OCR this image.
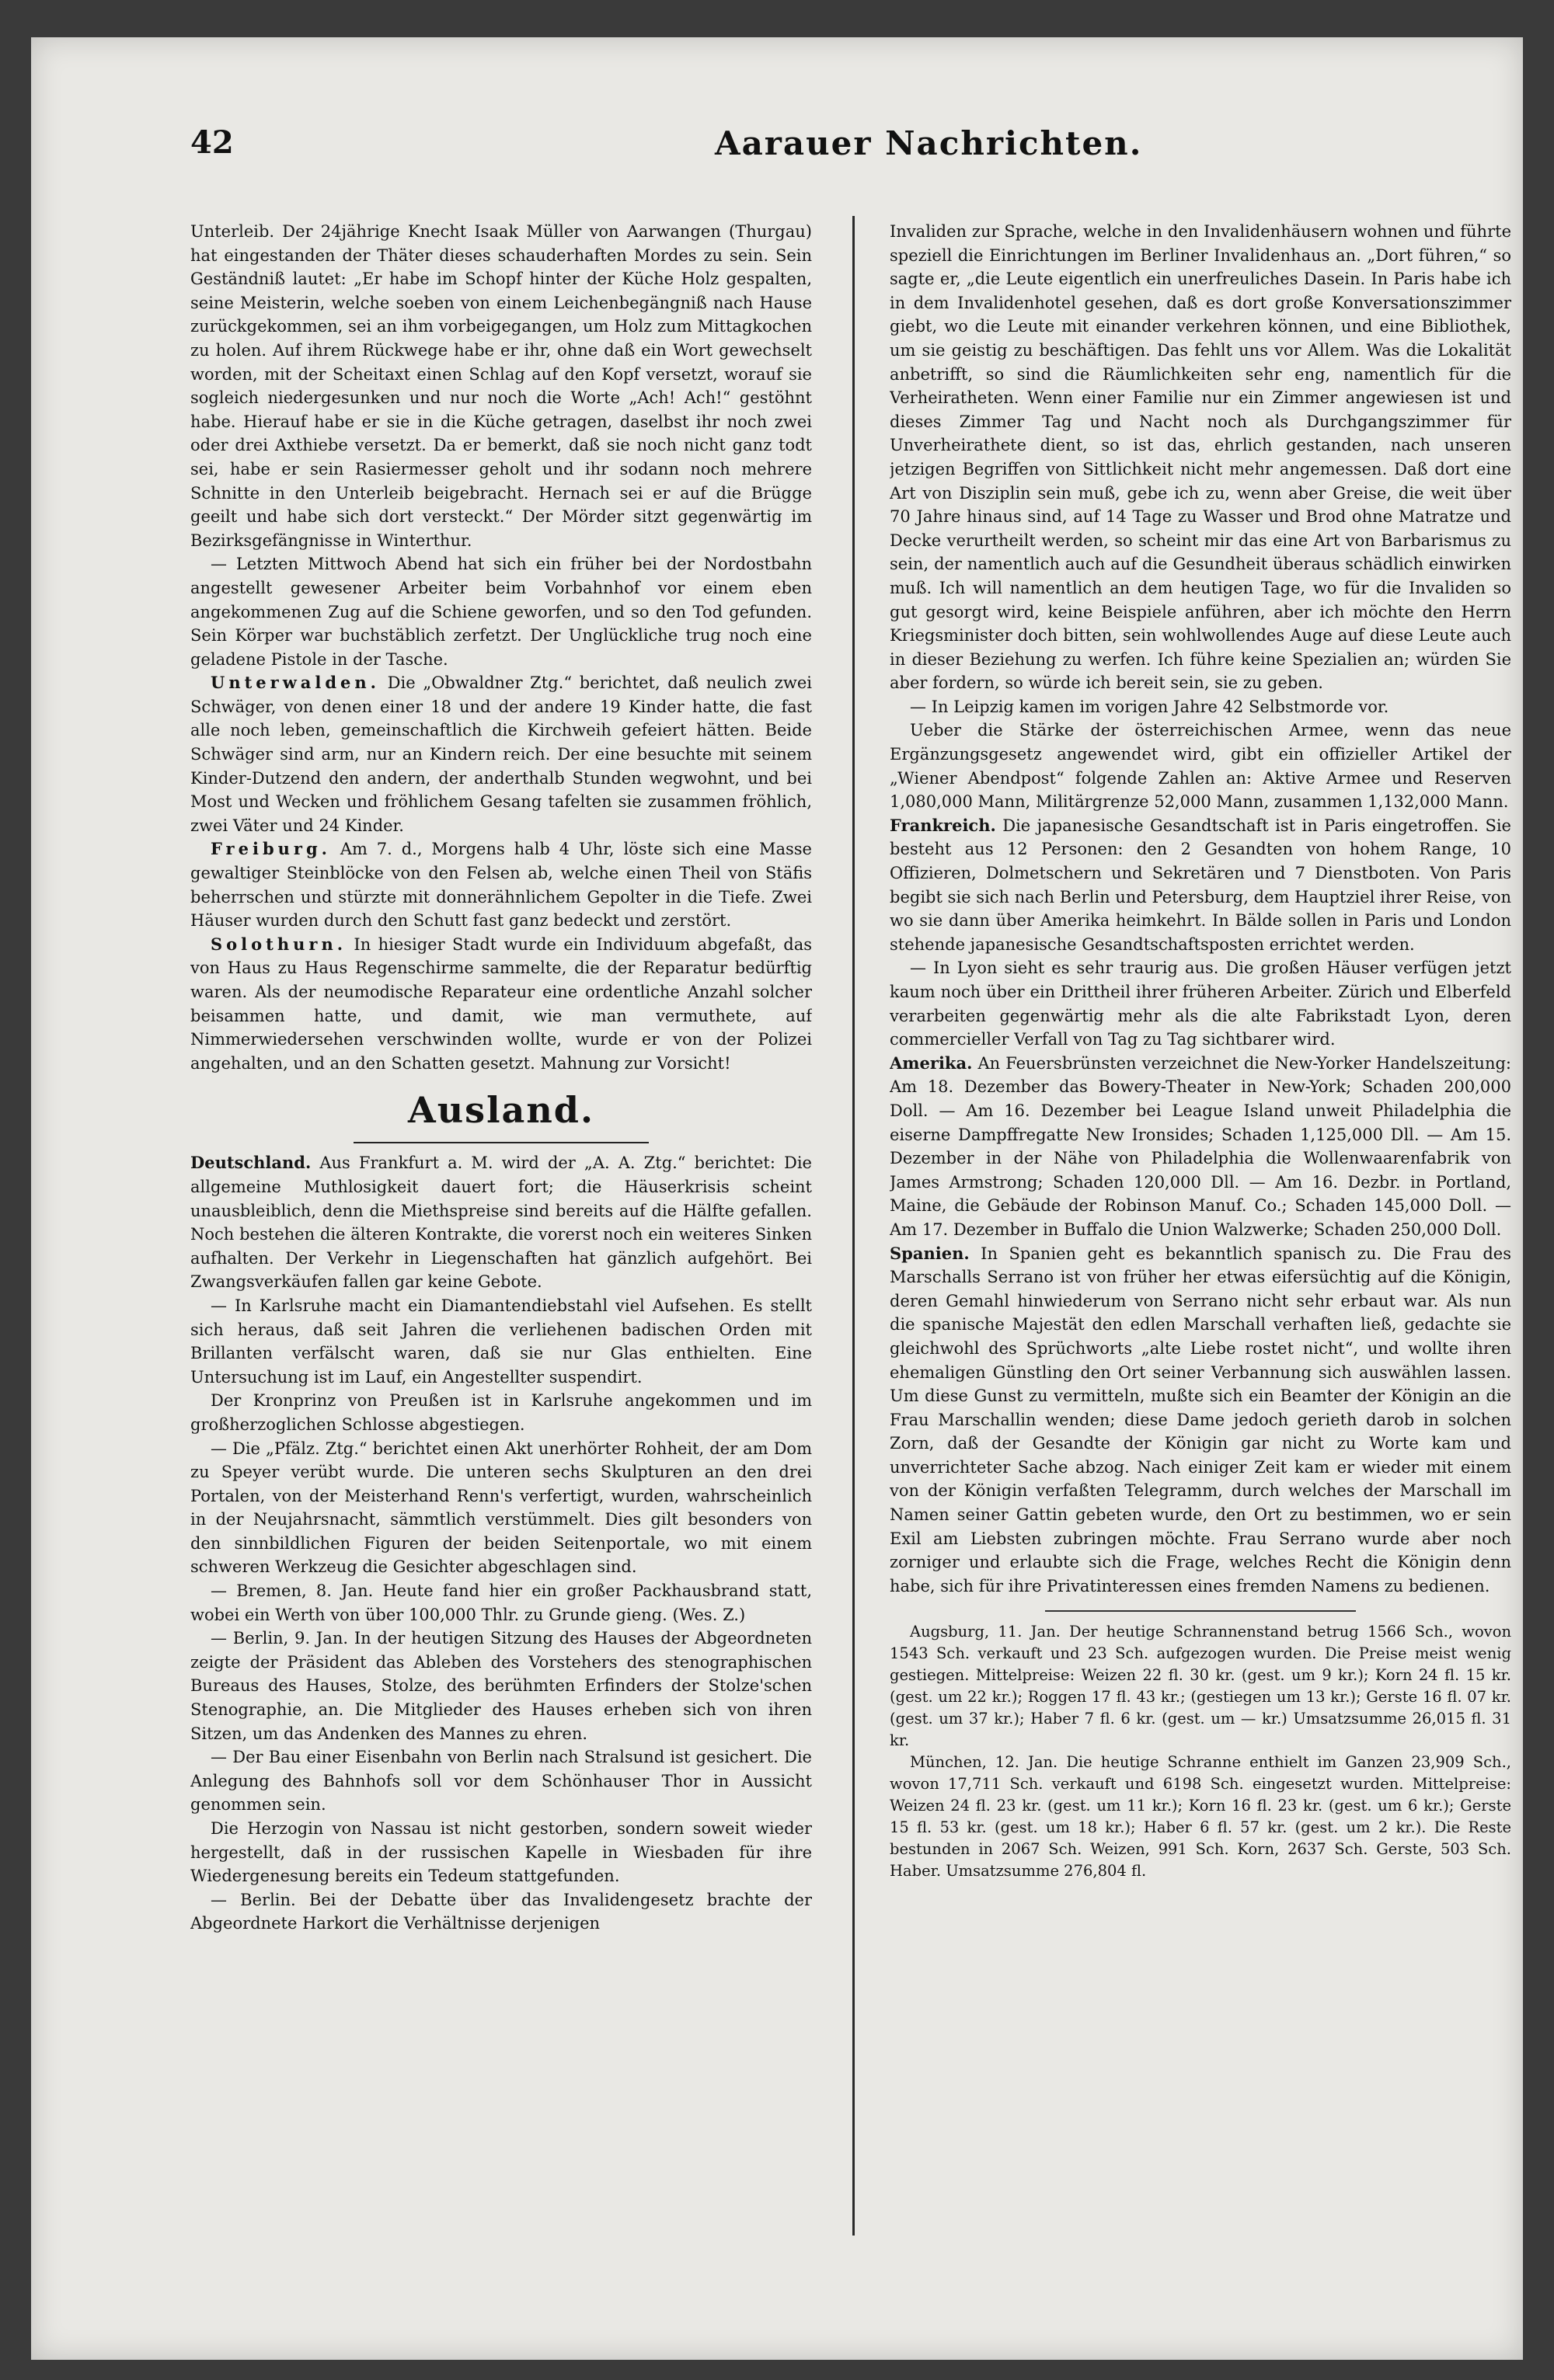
42	Aarauer Nachrichten.

Unterleib. Der 24jährige Knecht Isaak Müller von Aarwangen (Thurgau) hat eingestanden der Thäter dieses schauderhaften Mordes zu sein. Sein Geständniß lautet: „Er habe im Schopf hinter der Küche Holz gespalten, seine Meisterin, welche soeben von einem Leichenbegängniß nach Hause zurückgekommen, sei an ihm vorbeigegangen, um Holz zum Mittagkochen zu holen. Auf ihrem Rückwege habe er ihr, ohne daß ein Wort gewechselt worden, mit der Scheitaxt einen Schlag auf den Kopf versetzt, worauf sie sogleich niedergesunken und nur noch die Worte „Ach! Ach!“ gestöhnt habe. Hierauf habe er sie in die Küche getragen, daselbst ihr noch zwei oder drei Axthiebe versetzt. Da er bemerkt, daß sie noch nicht ganz todt sei, habe er sein Rasiermesser geholt und ihr sodann noch mehrere Schnitte in den Unterleib beigebracht. Hernach sei er auf die Brügge geeilt und habe sich dort versteckt.“ Der Mörder sitzt gegenwärtig im Bezirksgefängnisse in Winterthur.

— Letzten Mittwoch Abend hat sich ein früher bei der Nordostbahn angestellt gewesener Arbeiter beim Vorbahnhof vor einem eben angekommenen Zug auf die Schiene geworfen, und so den Tod gefunden. Sein Körper war buchstäblich zerfetzt. Der Unglückliche trug noch eine geladene Pistole in der Tasche.

Unterwalden. Die „Obwaldner Ztg.“ berichtet, daß neulich zwei Schwäger, von denen einer 18 und der andere 19 Kinder hatte, die fast alle noch leben, gemeinschaftlich die Kirchweih gefeiert hätten. Beide Schwäger sind arm, nur an Kindern reich. Der eine besuchte mit seinem Kinder-Dutzend den andern, der anderthalb Stunden wegwohnt, und bei Most und Wecken und fröhlichem Gesang tafelten sie zusammen fröhlich, zwei Väter und 24 Kinder.

Freiburg. Am 7. d., Morgens halb 4 Uhr, löste sich eine Masse gewaltiger Steinblöcke von den Felsen ab, welche einen Theil von Stäfis beherrschen und stürzte mit donnerähnlichem Gepolter in die Tiefe. Zwei Häuser wurden durch den Schutt fast ganz bedeckt und zerstört.

Solothurn. In hiesiger Stadt wurde ein Individuum abgefaßt, das von Haus zu Haus Regenschirme sammelte, die der Reparatur bedürftig waren. Als der neumodische Reparateur eine ordentliche Anzahl solcher beisammen hatte, und damit, wie man vermuthete, auf Nimmerwiedersehen verschwinden wollte, wurde er von der Polizei angehalten, und an den Schatten gesetzt. Mahnung zur Vorsicht!

Ausland.

Deutschland. Aus Frankfurt a. M. wird der „A. A. Ztg.“ berichtet: Die allgemeine Muthlosigkeit dauert fort; die Häuserkrisis scheint unausbleiblich, denn die Miethspreise sind bereits auf die Hälfte gefallen. Noch bestehen die älteren Kontrakte, die vorerst noch ein weiteres Sinken aufhalten. Der Verkehr in Liegenschaften hat gänzlich aufgehört. Bei Zwangsverkäufen fallen gar keine Gebote.

— In Karlsruhe macht ein Diamantendiebstahl viel Aufsehen. Es stellt sich heraus, daß seit Jahren die verliehenen badischen Orden mit Brillanten verfälscht waren, daß sie nur Glas enthielten. Eine Untersuchung ist im Lauf, ein Angestellter suspendirt.

Der Kronprinz von Preußen ist in Karlsruhe angekommen und im großherzoglichen Schlosse abgestiegen.

— Die „Pfälz. Ztg.“ berichtet einen Akt unerhörter Rohheit, der am Dom zu Speyer verübt wurde. Die unteren sechs Skulpturen an den drei Portalen, von der Meisterhand Renn's verfertigt, wurden, wahrscheinlich in der Neujahrsnacht, sämmtlich verstümmelt. Dies gilt besonders von den sinnbildlichen Figuren der beiden Seitenportale, wo mit einem schweren Werkzeug die Gesichter abgeschlagen sind.

— Bremen, 8. Jan. Heute fand hier ein großer Packhausbrand statt, wobei ein Werth von über 100,000 Thlr. zu Grunde gieng. (Wes. Z.)

— Berlin, 9. Jan. In der heutigen Sitzung des Hauses der Abgeordneten zeigte der Präsident das Ableben des Vorstehers des stenographischen Bureaus des Hauses, Stolze, des berühmten Erfinders der Stolze'schen Stenographie, an. Die Mitglieder des Hauses erheben sich von ihren Sitzen, um das Andenken des Mannes zu ehren.

— Der Bau einer Eisenbahn von Berlin nach Stralsund ist gesichert. Die Anlegung des Bahnhofs soll vor dem Schönhauser Thor in Aussicht genommen sein.

Die Herzogin von Nassau ist nicht gestorben, sondern soweit wieder hergestellt, daß in der russischen Kapelle in Wiesbaden für ihre Wiedergenesung bereits ein Tedeum stattgefunden.

— Berlin. Bei der Debatte über das Invalidengesetz brachte der Abgeordnete Harkort die Verhältnisse derjenigen

Invaliden zur Sprache, welche in den Invalidenhäusern wohnen und führte speziell die Einrichtungen im Berliner Invalidenhaus an. „Dort führen,“ so sagte er, „die Leute eigentlich ein unerfreuliches Dasein. In Paris habe ich in dem Invalidenhotel gesehen, daß es dort große Konversationszimmer giebt, wo die Leute mit einander verkehren können, und eine Bibliothek, um sie geistig zu beschäftigen. Das fehlt uns vor Allem. Was die Lokalität anbetrifft, so sind die Räumlichkeiten sehr eng, namentlich für die Verheiratheten. Wenn einer Familie nur ein Zimmer angewiesen ist und dieses Zimmer Tag und Nacht noch als Durchgangszimmer für Unverheirathete dient, so ist das, ehrlich gestanden, nach unseren jetzigen Begriffen von Sittlichkeit nicht mehr angemessen. Daß dort eine Art von Disziplin sein muß, gebe ich zu, wenn aber Greise, die weit über 70 Jahre hinaus sind, auf 14 Tage zu Wasser und Brod ohne Matratze und Decke verurtheilt werden, so scheint mir das eine Art von Barbarismus zu sein, der namentlich auch auf die Gesundheit überaus schädlich einwirken muß. Ich will namentlich an dem heutigen Tage, wo für die Invaliden so gut gesorgt wird, keine Beispiele anführen, aber ich möchte den Herrn Kriegsminister doch bitten, sein wohlwollendes Auge auf diese Leute auch in dieser Beziehung zu werfen. Ich führe keine Spezialien an; würden Sie aber fordern, so würde ich bereit sein, sie zu geben.

— In Leipzig kamen im vorigen Jahre 42 Selbstmorde vor.

Ueber die Stärke der österreichischen Armee, wenn das neue Ergänzungsgesetz angewendet wird, gibt ein offizieller Artikel der „Wiener Abendpost“ folgende Zahlen an: Aktive Armee und Reserven 1,080,000 Mann, Militärgrenze 52,000 Mann, zusammen 1,132,000 Mann.

Frankreich. Die japanesische Gesandtschaft ist in Paris eingetroffen. Sie besteht aus 12 Personen: den 2 Gesandten von hohem Range, 10 Offizieren, Dolmetschern und Sekretären und 7 Dienstboten. Von Paris begibt sie sich nach Berlin und Petersburg, dem Hauptziel ihrer Reise, von wo sie dann über Amerika heimkehrt. In Bälde sollen in Paris und London stehende japanesische Gesandtschaftsposten errichtet werden.

— In Lyon sieht es sehr traurig aus. Die großen Häuser verfügen jetzt kaum noch über ein Drittheil ihrer früheren Arbeiter. Zürich und Elberfeld verarbeiten gegenwärtig mehr als die alte Fabrikstadt Lyon, deren commercieller Verfall von Tag zu Tag sichtbarer wird.

Amerika. An Feuersbrünsten verzeichnet die New-Yorker Handelszeitung: Am 18. Dezember das Bowery-Theater in New-York; Schaden 200,000 Doll. — Am 16. Dezember bei League Island unweit Philadelphia die eiserne Dampffregatte New Ironsides; Schaden 1,125,000 Dll. — Am 15. Dezember in der Nähe von Philadelphia die Wollenwaarenfabrik von James Armstrong; Schaden 120,000 Dll. — Am 16. Dezbr. in Portland, Maine, die Gebäude der Robinson Manuf. Co.; Schaden 145,000 Doll. — Am 17. Dezember in Buffalo die Union Walzwerke; Schaden 250,000 Doll.

Spanien. In Spanien geht es bekanntlich spanisch zu. Die Frau des Marschalls Serrano ist von früher her etwas eifersüchtig auf die Königin, deren Gemahl hinwiederum von Serrano nicht sehr erbaut war. Als nun die spanische Majestät den edlen Marschall verhaften ließ, gedachte sie gleichwohl des Sprüchworts „alte Liebe rostet nicht“, und wollte ihren ehemaligen Günstling den Ort seiner Verbannung sich auswählen lassen. Um diese Gunst zu vermitteln, mußte sich ein Beamter der Königin an die Frau Marschallin wenden; diese Dame jedoch gerieth darob in solchen Zorn, daß der Gesandte der Königin gar nicht zu Worte kam und unverrichteter Sache abzog. Nach einiger Zeit kam er wieder mit einem von der Königin verfaßten Telegramm, durch welches der Marschall im Namen seiner Gattin gebeten wurde, den Ort zu bestimmen, wo er sein Exil am Liebsten zubringen möchte. Frau Serrano wurde aber noch zorniger und erlaubte sich die Frage, welches Recht die Königin denn habe, sich für ihre Privatinteressen eines fremden Namens zu bedienen.

Augsburg, 11. Jan. Der heutige Schrannenstand betrug 1566 Sch., wovon 1543 Sch. verkauft und 23 Sch. aufgezogen wurden. Die Preise meist wenig gestiegen. Mittelpreise: Weizen 22 fl. 30 kr. (gest. um 9 kr.); Korn 24 fl. 15 kr. (gest. um 22 kr.); Roggen 17 fl. 43 kr.; (gestiegen um 13 kr.); Gerste 16 fl. 07 kr. (gest. um 37 kr.); Haber 7 fl. 6 kr. (gest. um — kr.) Umsatzsumme 26,015 fl. 31 kr.

München, 12. Jan. Die heutige Schranne enthielt im Ganzen 23,909 Sch., wovon 17,711 Sch. verkauft und 6198 Sch. eingesetzt wurden. Mittelpreise: Weizen 24 fl. 23 kr. (gest. um 11 kr.); Korn 16 fl. 23 kr. (gest. um 6 kr.); Gerste 15 fl. 53 kr. (gest. um 18 kr.); Haber 6 fl. 57 kr. (gest. um 2 kr.). Die Reste bestunden in 2067 Sch. Weizen, 991 Sch. Korn, 2637 Sch. Gerste, 503 Sch. Haber. Umsatzsumme 276,804 fl.
